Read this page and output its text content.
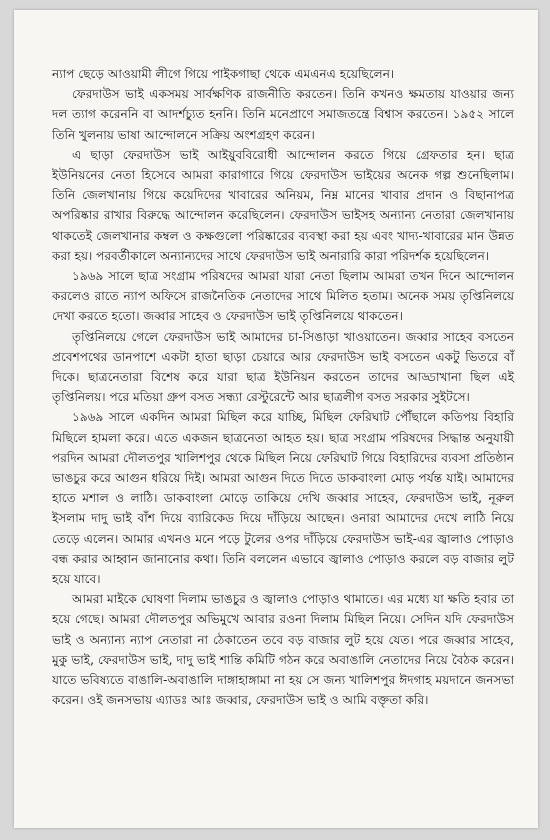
ন্যাপ ছেড়ে আওয়ামী লীগে গিয়ে পাইকগাছা থেকে এমএনএ হয়েছিলেন।

ফেরদাউস ভাই একসময় সার্বক্ষণিক রাজনীতি করতেন। তিনি কখনও ক্ষমতায় যাওয়ার জন্য দল ত্যাগ করেননি বা আদর্শচ্যুত হননি। তিনি মনেপ্রাণে সমাজতন্ত্রে বিশ্বাস করতেন। ১৯৫২ সালে তিনি খুলনায় ভাষা আন্দোলনে সক্রিয় অংশগ্রহণ করেন।

এ ছাড়া ফেরদাউস ভাই আইয়ুববিরোধী আন্দোলন করতে গিয়ে গ্রেফতার হন। ছাত্র ইউনিয়নের নেতা হিসেবে আমরা কারাগারে গিয়ে ফেরদাউস ভাইয়ের অনেক গল্প শুনেছিলাম। তিনি জেলখানায় গিয়ে কয়েদিদের খাবারের অনিয়ম, নিম্ন মানের খাবার প্রদান ও বিছানাপত্র অপরিষ্কার রাখার বিরুদ্ধে আন্দোলন করেছিলেন। ফেরদাউস ভাইসহ অন্যান্য নেতারা জেলখানায় থাকতেই জেলখানার কম্বল ও কক্ষগুলো পরিষ্কারের ব্যবস্থা করা হয় এবং খাদ্য-খাবারের মান উন্নত করা হয়। পরবর্তীকালে অন্যান্যদের সাথে ফেরদাউস ভাই অনারারি কারা পরিদর্শক হয়েছিলেন।

১৯৬৯ সালে ছাত্র সংগ্রাম পরিষদের আমরা যারা নেতা ছিলাম আমরা তখন দিনে আন্দোলন করলেও রাতে ন্যাপ অফিসে রাজনৈতিক নেতাদের সাথে মিলিত হতাম। অনেক সময় তৃপ্তিনিলয়ে দেখা করতে হতো। জব্বার সাহেব ও ফেরদাউস ভাই তৃপ্তিনিলয়ে থাকতেন।

তৃপ্তিনিলয়ে গেলে ফেরদাউস ভাই আমাদের চা-সিঙাড়া খাওয়াতেন। জব্বার সাহেব বসতেন প্রবেশপথের ডানপাশে একটা হাতা ছাড়া চেয়ারে আর ফেরদাউস ভাই বসতেন একটু ভিতরে বাঁ দিকে। ছাত্রনেতারা বিশেষ করে যারা ছাত্র ইউনিয়ন করতেন তাদের আড্ডাখানা ছিল এই তৃপ্তিনিলয়। পরে মতিয়া গ্রুপ বসত সন্ধ্যা রেস্টুরেন্টে আর ছাত্রলীগ বসত সরকার সুইটসে।

১৯৬৯ সালে একদিন আমরা মিছিল করে যাচ্ছি, মিছিল ফেরিঘাট পৌঁছালে কতিপয় বিহারি মিছিলে হামলা করে। এতে একজন ছাত্রনেতা আহত হয়। ছাত্র সংগ্রাম পরিষদের সিদ্ধান্ত অনুযায়ী পরদিন আমরা দৌলতপুর খালিশপুর থেকে মিছিল নিয়ে ফেরিঘাট গিয়ে বিহারিদের ব্যবসা প্রতিষ্ঠান ভাঙচুর করে আগুন ধরিয়ে দিই। আমরা আগুন দিতে দিতে ডাকবাংলা মোড় পর্যন্ত যাই। আমাদের হাতে মশাল ও লাঠি। ডাকবাংলা মোড়ে তাকিয়ে দেখি জব্বার সাহেব, ফেরদাউস ভাই, নূরুল ইসলাম দাদু ভাই বাঁশ দিয়ে ব্যারিকেড দিয়ে দাঁড়িয়ে আছেন। ওনারা আমাদের দেখে লাঠি নিয়ে তেড়ে এলেন। আমার এখনও মনে পড়ে টুলের ওপর দাঁড়িয়ে ফেরদাউস ভাই-এর জ্বালাও পোড়াও বন্ধ করার আহ্বান জানানোর কথা। তিনি বললেন এভাবে জ্বালাও পোড়াও করলে বড় বাজার লুট হয়ে যাবে।

আমরা মাইকে ঘোষণা দিলাম ভাঙচুর ও জ্বালাও পোড়াও থামাতে। এর মধ্যে যা ক্ষতি হবার তা হয়ে গেছে। আমরা দৌলতপুর অভিমুখে আবার রওনা দিলাম মিছিল নিয়ে। সেদিন যদি ফেরদাউস ভাই ও অন্যান্য ন্যাপ নেতারা না ঠেকাতেন তবে বড় বাজার লুট হয়ে যেত। পরে জব্বার সাহেব, মুকু ভাই, ফেরদাউস ভাই, দাদু ভাই শান্তি কমিটি গঠন করে অবাঙালি নেতাদের নিয়ে বৈঠক করেন। যাতে ভবিষ্যতে বাঙালি-অবাঙালি দাঙ্গাহাঙ্গামা না হয় সে জন্য খালিশপুর ঈদগাহ ময়দানে জনসভা করেন। ওই জনসভায় এ্যাডঃ আঃ জব্বার, ফেরদাউস ভাই ও আমি বক্তৃতা করি।
